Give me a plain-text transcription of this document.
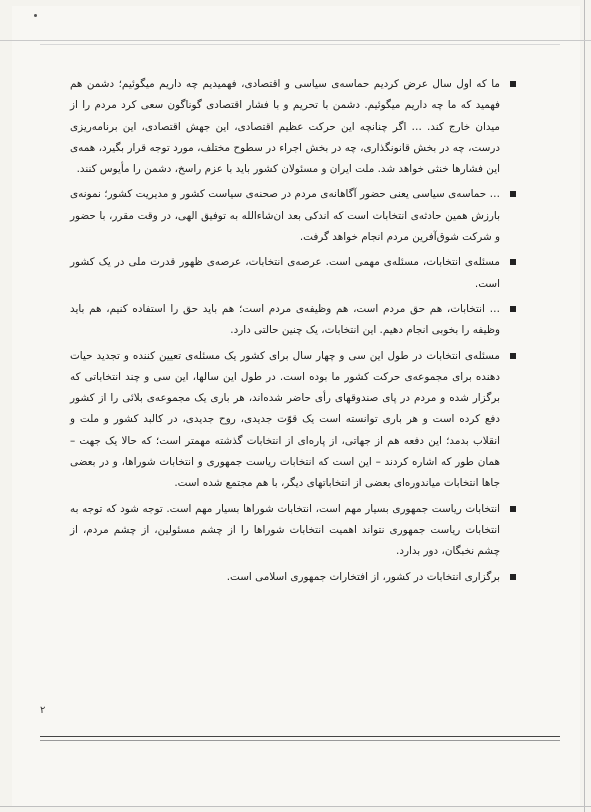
ما که اول سال عرض کردیم حماسه‌ی سیاسی و اقتصادی، فهمیدیم چه داریم میگوئیم؛ دشمن هم فهمید که ما چه داریم میگوئیم. دشمن با تحریم و با فشار اقتصادی گوناگون سعی کرد مردم را از میدان خارج کند. … اگر چنانچه این حرکت عظیم اقتصادی، این جهش اقتصادی، این برنامه‌ریزی درست، چه در بخش قانونگذاری، چه در بخش اجراء در سطوح مختلف، مورد توجه قرار بگیرد، همه‌ی این فشارها خنثی خواهد شد. ملت ایران و مسئولان کشور باید با عزم راسخ، دشمن را مأیوس کنند.

… حماسه‌ی سیاسی یعنی حضور آگاهانه‌ی مردم در صحنه‌ی سیاست کشور و مدیریت کشور؛ نمونه‌ی بارزش همین حادثه‌ی انتخابات است که اندکی بعد ان‌شاءالله به توفیق الهی، در وقت مقرر، با حضور و شرکت شوق‌آفرین مردم انجام خواهد گرفت.

مسئله‌ی انتخابات، مسئله‌ی مهمی است. عرصه‌ی انتخابات، عرصه‌ی ظهور قدرت ملی در یک کشور است.

… انتخابات، هم حق مردم است، هم وظیفه‌ی مردم است؛ هم باید حق را استفاده کنیم، هم باید وظیفه را بخوبی انجام دهیم. این انتخابات، یک چنین حالتی دارد.

مسئله‌ی انتخابات در طول این سی و چهار سال برای کشور یک مسئله‌ی تعیین کننده و تجدید حیات دهنده برای مجموعه‌ی حرکت کشور ما بوده است. در طول این سالها، این سی و چند انتخاباتی که برگزار شده و مردم در پای صندوقهای رأی حاضر شده‌اند، هر باری یک مجموعه‌ی بلائی را از کشور دفع کرده است و هر باری توانسته است یک قوّت جدیدی، روح جدیدی، در کالبد کشور و ملت و انقلاب بدمد؛ این دفعه هم از جهاتی، از پاره‌ای از انتخابات گذشته مهمتر است؛ که حالا یک جهت – همان طور که اشاره کردند – این است که انتخابات ریاست جمهوری و انتخابات شوراها، و در بعضی جاها انتخابات میاندوره‌ای بعضی از انتخاباتهای دیگر، با هم مجتمع شده است.

انتخابات ریاست جمهوری بسیار مهم است، انتخابات شوراها بسیار مهم است. توجه شود که توجه به انتخابات ریاست جمهوری نتواند اهمیت انتخابات شوراها را از چشم مسئولین، از چشم مردم، از چشم نخبگان، دور بدارد.

برگزاری انتخابات در کشور، از افتخارات جمهوری اسلامی است.

۲
